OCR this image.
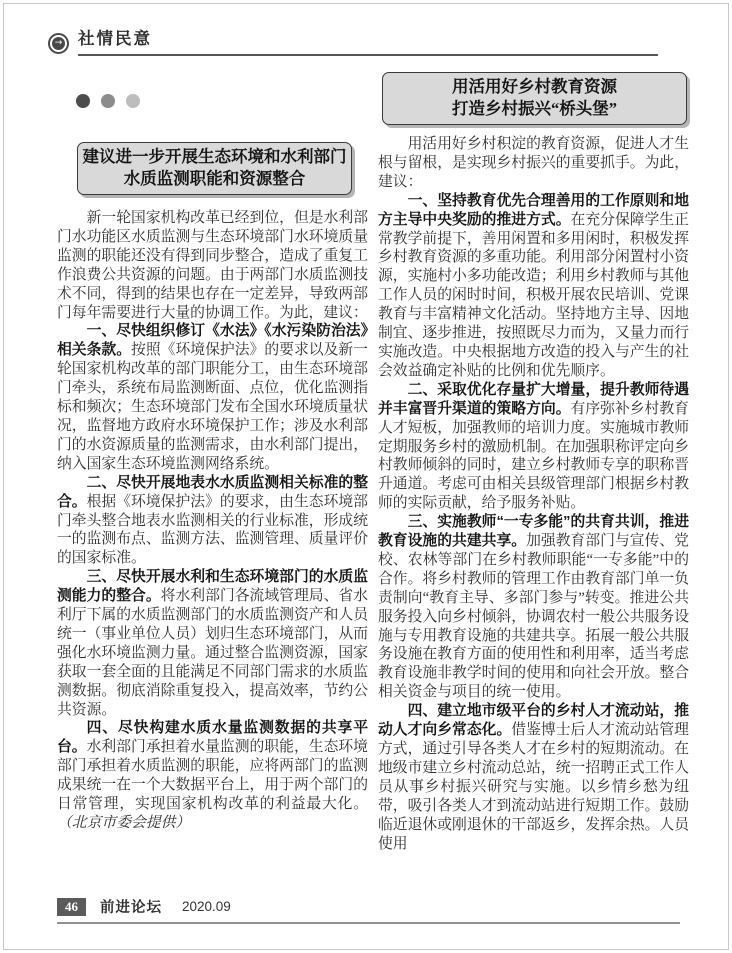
→ 社情民意
建议进一步开展生态环境和水利部门
水质监测职能和资源整合

新一轮国家机构改革已经到位，但是水利部门水功能区水质监测与生态环境部门水环境质量监测的职能还没有得到同步整合，造成了重复工作浪费公共资源的问题。由于两部门水质监测技术不同，得到的结果也存在一定差异，导致两部门每年需要进行大量的协调工作。为此，建议：

一、尽快组织修订《水法》《水污染防治法》相关条款。按照《环境保护法》的要求以及新一轮国家机构改革的部门职能分工，由生态环境部门牵头，系统布局监测断面、点位，优化监测指标和频次；生态环境部门发布全国水环境质量状况，监督地方政府水环境保护工作；涉及水利部门的水资源质量的监测需求，由水利部门提出，纳入国家生态环境监测网络系统。

二、尽快开展地表水水质监测相关标准的整合。根据《环境保护法》的要求，由生态环境部门牵头整合地表水监测相关的行业标准，形成统一的监测布点、监测方法、监测管理、质量评价的国家标准。

三、尽快开展水利和生态环境部门的水质监测能力的整合。将水利部门各流域管理局、省水利厅下属的水质监测部门的水质监测资产和人员统一（事业单位人员）划归生态环境部门，从而强化水环境监测力量。通过整合监测资源，国家获取一套全面的且能满足不同部门需求的水质监测数据。彻底消除重复投入，提高效率，节约公共资源。

四、尽快构建水质水量监测数据的共享平台。水利部门承担着水量监测的职能，生态环境部门承担着水质监测的职能，应将两部门的监测成果统一在一个大数据平台上，用于两个部门的日常管理，实现国家机构改革的利益最大化。（北京市委会提供）

用活用好乡村教育资源
打造乡村振兴“桥头堡”

用活用好乡村积淀的教育资源，促进人才生根与留根，是实现乡村振兴的重要抓手。为此，建议：

一、坚持教育优先合理善用的工作原则和地方主导中央奖励的推进方式。在充分保障学生正常教学前提下，善用闲置和多用闲时，积极发挥乡村教育资源的多重功能。利用部分闲置村小资源，实施村小多功能改造；利用乡村教师与其他工作人员的闲时时间，积极开展农民培训、党课教育与丰富精神文化活动。坚持地方主导、因地制宜、逐步推进，按照既尽力而为，又量力而行实施改造。中央根据地方改造的投入与产生的社会效益确定补贴的比例和优先顺序。

二、采取优化存量扩大增量，提升教师待遇并丰富晋升渠道的策略方向。有序弥补乡村教育人才短板，加强教师的培训力度。实施城市教师定期服务乡村的激励机制。在加强职称评定向乡村教师倾斜的同时，建立乡村教师专享的职称晋升通道。考虑可由相关县级管理部门根据乡村教师的实际贡献，给予服务补贴。

三、实施教师“一专多能”的共育共训，推进教育设施的共建共享。加强教育部门与宣传、党校、农林等部门在乡村教师职能“一专多能”中的合作。将乡村教师的管理工作由教育部门单一负责制向“教育主导、多部门参与”转变。推进公共服务投入向乡村倾斜，协调农村一般公共服务设施与专用教育设施的共建共享。拓展一般公共服务设施在教育方面的使用性和利用率，适当考虑教育设施非教学时间的使用和向社会开放。整合相关资金与项目的统一使用。

四、建立地市级平台的乡村人才流动站，推动人才向乡常态化。借鉴博士后人才流动站管理方式，通过引导各类人才在乡村的短期流动。在地级市建立乡村流动总站，统一招聘正式工作人员从事乡村振兴研究与实施。以乡情乡愁为纽带，吸引各类人才到流动站进行短期工作。鼓励临近退休或刚退休的干部返乡，发挥余热。人员使用

46	前进论坛 2020.09
